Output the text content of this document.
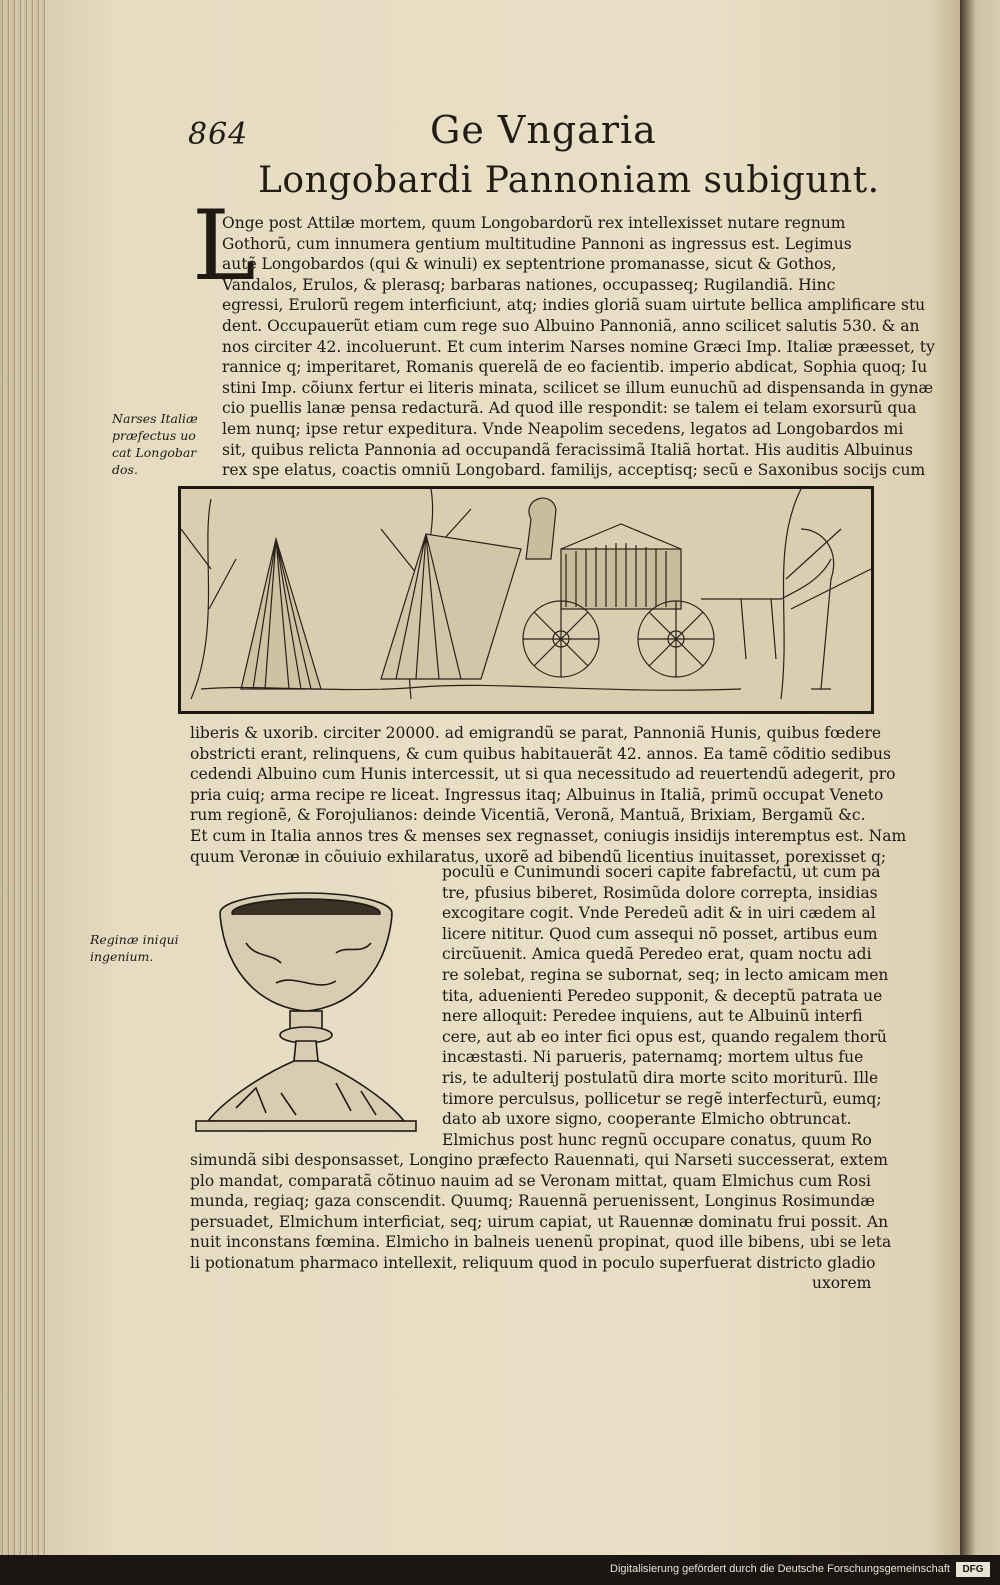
864	Ge Vngaria
Longobardi Pannoniam subigunt.
L
Onge post Attilæ mortem, quum Longobardorũ rex intellexisset nutare regnum
Gothorũ, cum innumera gentium multitudine Pannoni as ingressus est. Legimus
autẽ Longobardos (qui & winuli) ex septentrione promanasse, sicut & Gothos,
Vandalos, Erulos, & plerasq; barbaras nationes, occupasseq; Rugilandiã. Hinc
egressi, Erulorũ regem interficiunt, atq; indies gloriã suam uirtute bellica amplificare stu
dent. Occupauerũt etiam cum rege suo Albuino Pannoniã, anno scilicet salutis 530. & an
nos circiter 42. incoluerunt. Et cum interim Narses nomine Græci Imp. Italiæ præesset, ty
rannice q; imperitaret, Romanis querelã de eo facientib. imperio abdicat, Sophia quoq; Iu
stini Imp. cõiunx fertur ei literis minata, scilicet se illum eunuchũ ad dispensanda in gynæ
cio puellis lanæ pensa redacturã. Ad quod ille respondit: se talem ei telam exorsurũ qua
lem nunq; ipse retur expeditura. Vnde Neapolim secedens, legatos ad Longobardos mi
sit, quibus relicta Pannonia ad occupandã feracissimã Italiã hortat. His auditis Albuinus
rex spe elatus, coactis omniũ Longobard. familijs, acceptisq; secũ e Saxonibus socijs cum
Narses Italiæ
præfectus uo
cat Longobar
dos.
liberis & uxorib. circiter 20000. ad emigrandũ se parat, Pannoniã Hunis, quibus fœdere
obstricti erant, relinquens, & cum quibus habitauerãt 42. annos. Ea tamẽ cõditio sedibus
cedendi Albuino cum Hunis intercessit, ut si qua necessitudo ad reuertendũ adegerit, pro
pria cuiq; arma recipe re liceat. Ingressus itaq; Albuinus in Italiã, primũ occupat Veneto
rum regionẽ, & Forojulianos: deinde Vicentiã, Veronã, Mantuã, Brixiam, Bergamũ &c.
Et cum in Italia annos tres & menses sex regnasset, coniugis insidijs interemptus est. Nam
quum Veronæ in cõuiuio exhilaratus, uxorẽ ad bibendũ licentius inuitasset, porexisset q;
Reginæ iniqui
ingenium.
poculũ e Cunimundi soceri capite fabrefactũ, ut cum pa
tre, pfusius biberet, Rosimũda dolore correpta, insidias
excogitare cogit. Vnde Peredeũ adit & in uiri cædem al
licere nititur. Quod cum assequi nõ posset, artibus eum
circũuenit. Amica quedã Peredeo erat, quam noctu adi
re solebat, regina se subornat, seq; in lecto amicam men
tita, aduenienti Peredeo supponit, & deceptũ patrata ue
nere alloquit: Peredee inquiens, aut te Albuinũ interfi
cere, aut ab eo inter fici opus est, quando regalem thorũ
incæstasti. Ni parueris, paternamq; mortem ultus fue
ris, te adulterij postulatũ dira morte scito moriturũ. Ille
timore perculsus, pollicetur se regẽ interfecturũ, eumq;
dato ab uxore signo, cooperante Elmicho obtruncat.
Elmichus post hunc regnũ occupare conatus, quum Ro
simundã sibi desponsasset, Longino præfecto Rauennati, qui Narseti successerat, extem
plo mandat, comparatã cõtinuo nauim ad se Veronam mittat, quam Elmichus cum Rosi
munda, regiaq; gaza conscendit. Quumq; Rauennã peruenissent, Longinus Rosimundæ
persuadet, Elmichum interficiat, seq; uirum capiat, ut Rauennæ dominatu frui possit. An
nuit inconstans fœmina. Elmicho in balneis uenenũ propinat, quod ille bibens, ubi se leta
li potionatum pharmaco intellexit, reliquum quod in poculo superfuerat districto gladio
uxorem
Digitalisierung gefördert durch die Deutsche Forschungsgemeinschaft	DFG
